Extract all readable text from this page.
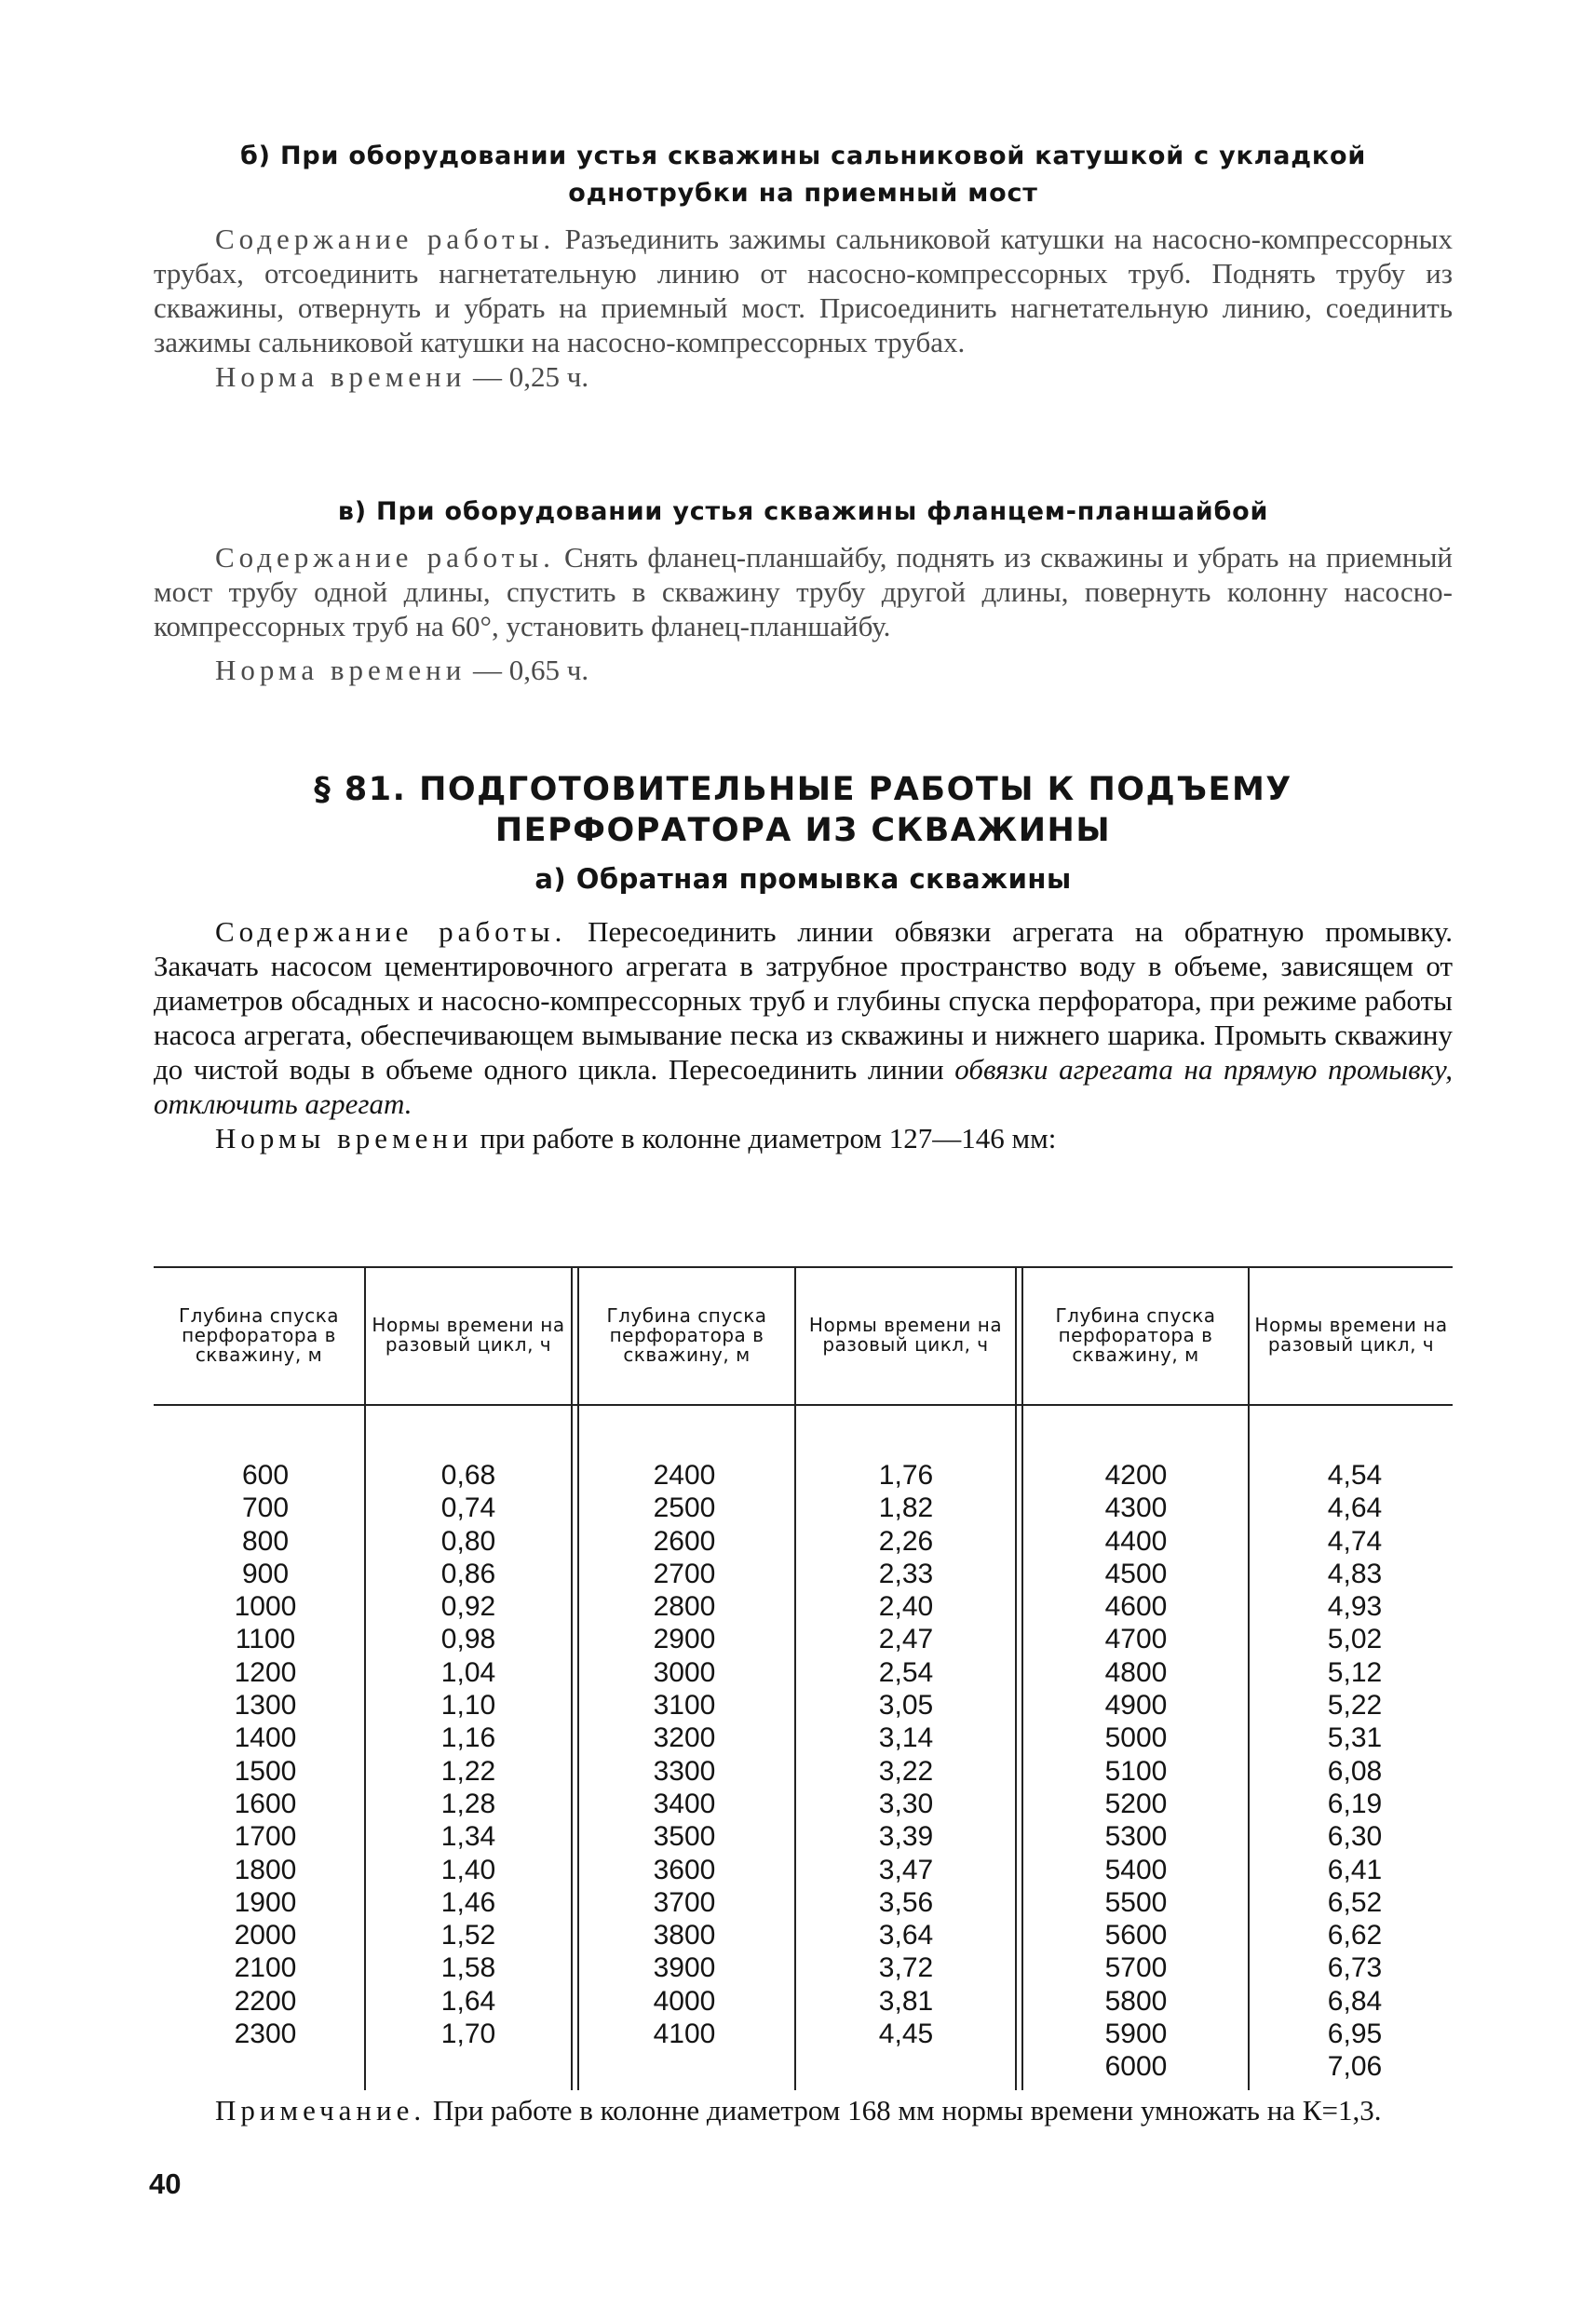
б) При оборудовании устья скважины сальниковой катушкой с укладкой однотрубки на приемный мост

Содержание работы. Разъединить зажимы сальниковой катушки на насосно-компрессорных трубах, отсоединить нагнетательную линию от насосно-компрессорных труб. Поднять трубу из скважины, отвернуть и убрать на приемный мост. Присоединить нагнетательную линию, соединить зажимы сальниковой катушки на насосно-компрессорных трубах.

Норма времени — 0,25 ч.

в) При оборудовании устья скважины фланцем-планшайбой

Содержание работы. Снять фланец-планшайбу, поднять из скважины и убрать на приемный мост трубу одной длины, спустить в скважину трубу другой длины, повернуть колонну насосно-компрессорных труб на 60°, установить фланец-планшайбу.

Норма времени — 0,65 ч.

§ 81. ПОДГОТОВИТЕЛЬНЫЕ РАБОТЫ К ПОДЪЕМУ
ПЕРФОРАТОРА ИЗ СКВАЖИНЫ
а) Обратная промывка скважины

Содержание работы. Пересоединить линии обвязки агрегата на обратную промывку. Закачать насосом цементировочного агрегата в затрубное пространство воду в объеме, зависящем от диаметров обсадных и насосно-компрессорных труб и глубины спуска перфоратора, при режиме работы насоса агрегата, обеспечивающем вымывание песка из скважины и нижнего шарика. Промыть скважину до чистой воды в объеме одного цикла. Пересоединить линии обвязки агрегата на прямую промывку, отключить агрегат.

Нормы времени при работе в колонне диаметром 127—146 мм:

Глубина спуска перфоратора в скважину, м
Нормы времени на разовый цикл, ч
Глубина спуска перфоратора в скважину, м
Нормы времени на разовый цикл, ч
Глубина спуска перфоратора в скважину, м
Нормы времени на разовый цикл, ч
600
700
800
900
1000
1100
1200
1300
1400
1500
1600
1700
1800
1900
2000
2100
2200
2300
0,68
0,74
0,80
0,86
0,92
0,98
1,04
1,10
1,16
1,22
1,28
1,34
1,40
1,46
1,52
1,58
1,64
1,70
2400
2500
2600
2700
2800
2900
3000
3100
3200
3300
3400
3500
3600
3700
3800
3900
4000
4100
1,76
1,82
2,26
2,33
2,40
2,47
2,54
3,05
3,14
3,22
3,30
3,39
3,47
3,56
3,64
3,72
3,81
4,45
4200
4300
4400
4500
4600
4700
4800
4900
5000
5100
5200
5300
5400
5500
5600
5700
5800
5900
6000
4,54
4,64
4,74
4,83
4,93
5,02
5,12
5,22
5,31
6,08
6,19
6,30
6,41
6,52
6,62
6,73
6,84
6,95
7,06
Примечание. При работе в колонне диаметром 168 мм нормы времени умножать на К=1,3.
40
